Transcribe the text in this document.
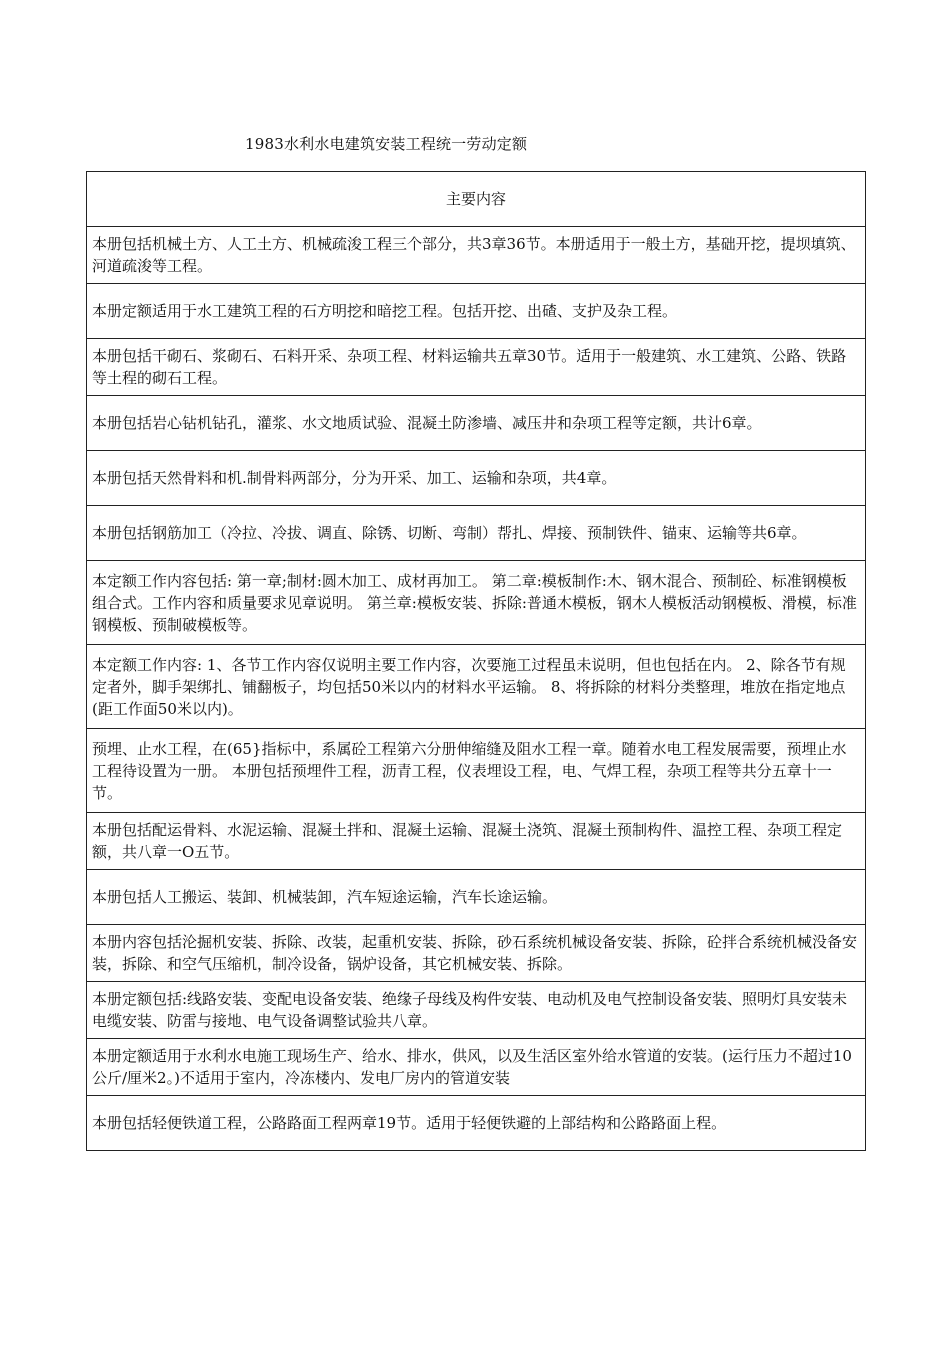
1983水利水电建筑安装工程统一劳动定额
主要内容
本册包括机械土方、人工土方、机械疏浚工程三个部分，共3章36节。本册适用于一般土方，基础开挖，提坝填筑、河道疏浚等工程。
本册定额适用于水工建筑工程的石方明挖和暗挖工程。包括开挖、出碴、支护及杂工程。
本册包括干砌石、浆砌石、石料开采、杂项工程、材料运输共五章30节。适用于一般建筑、水工建筑、公路、铁路等土程的砌石工程。
本册包括岩心钻机钻孔，灌浆、水文地质试验、混凝土防渗墙、减压井和杂项工程等定额，共计6章。
本册包括天然骨料和机.制骨料两部分，分为开采、加工、运输和杂项，共4章。
本册包括钢筋加工（冷拉、冷拔、调直、除锈、切断、弯制）帮扎、焊接、预制铁件、锚束、运输等共6章。
本定额工作内容包括: 第一章;制材:圆木加工、成材再加工。 第二章:模板制作:木、钢木混合、预制砼、标准钢模板组合式。工作内容和质量要求见章说明。 第兰章:模板安装、拆除:普通木模板，钢木人模板活动钢模板、滑模，标准钢模板、预制破模板等。
本定额工作内容: 1、各节工作内容仅说明主要工作内容，次要施工过程虽未说明，但也包括在内。 2、除各节有规定者外，脚手架绑扎、铺翻板子，均包括50米以内的材料水平运输。 8、将拆除的材料分类整理，堆放在指定地点(距工作面50米以内)。
预埋、止水工程，在(65}指标中，系属砼工程第六分册伸缩缝及阻水工程一章。随着水电工程发展需要，预埋止水工程待设置为一册。 本册包括预埋件工程，沥青工程，仪表埋设工程，电、气焊工程，杂项工程等共分五章十一节。
本册包括配运骨料、水泥运输、混凝土拌和、混凝土运输、混凝土浇筑、混凝土预制构件、温控工程、杂项工程定额，共八章一O五节。
本册包括人工搬运、装卸、机械装卸，汽车短途运输，汽车长途运输。
本册内容包括沦掘机安装、拆除、改装，起重机安装、拆除，砂石系统机械设备安装、拆除，砼拌合系统机械没备安装，拆除、和空气压缩机，制冷设备，锅炉设备，其它机械安装、拆除。
本册定额包括:线路安装、变配电设备安装、绝缘子母线及构件安装、电动机及电气控制设备安装、照明灯具安装未电缆安装、防雷与接地、电气设备调整试验共八章。
本册定额适用于水利水电施工现场生产、给水、排水，供风，以及生活区室外给水管道的安装。(运行压力不超过10公斤/厘米2。)不适用于室内，冷冻楼内、发电厂房内的管道安装
本册包括轻便铁道工程，公路路面工程两章19节。适用于轻便铁避的上部结构和公路路面上程。
